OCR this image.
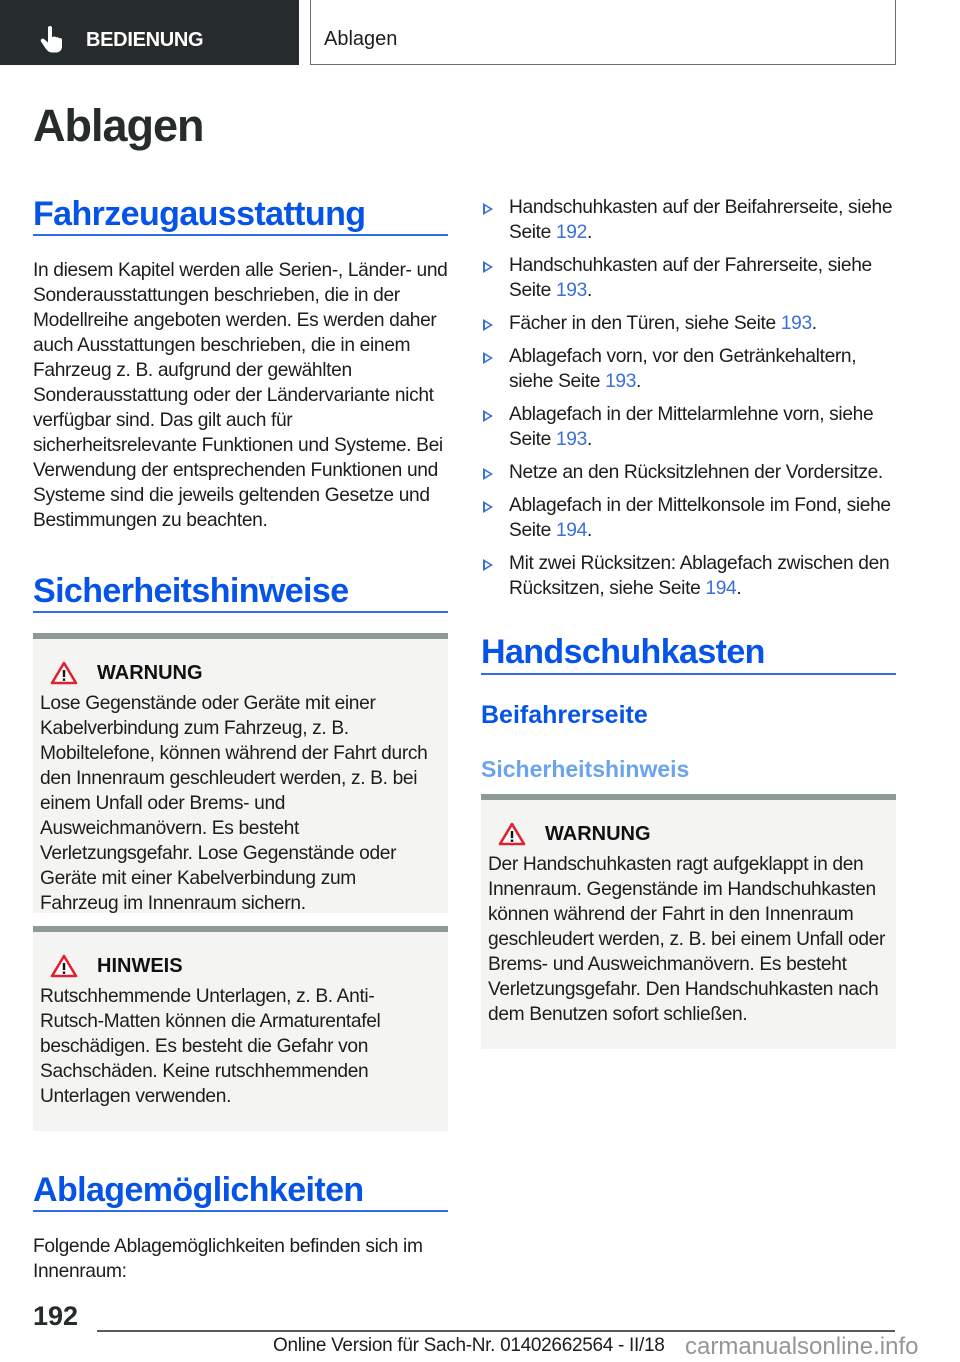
BEDIENUNG	Ablagen
Ablagen
Fahrzeugausstattung

In diesem Kapitel werden alle Serien-, Länder- und Sonderausstattungen beschrieben, die in der Modellreihe angeboten werden. Es werden daher auch Ausstattungen beschrieben, die in einem Fahrzeug z. B. aufgrund der gewählten Sonderausstattung oder der Ländervariante nicht verfügbar sind. Das gilt auch für sicherheitsrelevante Funktionen und Systeme. Bei Verwendung der entsprechenden Funktionen und Systeme sind die jeweils geltenden Gesetze und Bestimmungen zu beachten.

Sicherheitshinweise
WARNUNG

Lose Gegenstände oder Geräte mit einer Kabelverbindung zum Fahrzeug, z. B. Mobiltelefone, können während der Fahrt durch den Innenraum geschleudert werden, z. B. bei einem Unfall oder Brems- und Ausweichmanövern. Es besteht Verletzungsgefahr. Lose Gegenstände oder Geräte mit einer Kabelverbindung zum Fahrzeug im Innenraum sichern.

HINWEIS

Rutschhemmende Unterlagen, z. B. Anti-Rutsch-Matten können die Armaturentafel beschädigen. Es besteht die Gefahr von Sachschäden. Keine rutschhemmenden Unterlagen verwenden.

Ablagemöglichkeiten

Folgende Ablagemöglichkeiten befinden sich im Innenraum:

Handschuhkasten auf der Beifahrerseite, siehe Seite 192.
Handschuhkasten auf der Fahrerseite, siehe Seite 193.
Fächer in den Türen, siehe Seite 193.
Ablagefach vorn, vor den Getränkehaltern, siehe Seite 193.
Ablagefach in der Mittelarmlehne vorn, siehe Seite 193.
Netze an den Rücksitzlehnen der Vordersitze.
Ablagefach in der Mittelkonsole im Fond, siehe Seite 194.
Mit zwei Rücksitzen: Ablagefach zwischen den Rücksitzen, siehe Seite 194.
Handschuhkasten
Beifahrerseite
Sicherheitshinweis
WARNUNG

Der Handschuhkasten ragt aufgeklappt in den Innenraum. Gegenstände im Handschuhkasten können während der Fahrt in den Innenraum geschleudert werden, z. B. bei einem Unfall oder Brems- und Ausweichmanövern. Es besteht Verletzungsgefahr. Den Handschuhkasten nach dem Benutzen sofort schließen.

192
Online Version für Sach-Nr. 01402662564 - II/18 carmanualsonline.info
